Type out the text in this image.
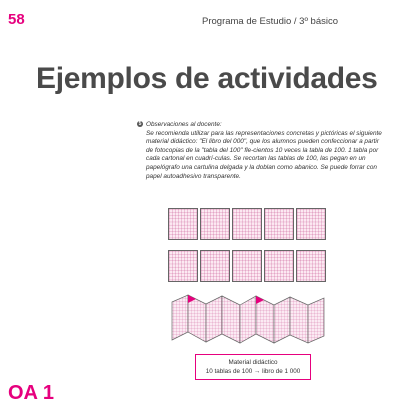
58	Programa de Estudio / 3º básico
Ejemplos de actividades
5 Observaciones al docente:

Se recomienda utilizar para las representaciones concretas y pictóricas el siguiente material didáctico: "El libro del 000", que los alumnos pueden confeccionar a partir de fotocopias de la "tabla del 100" fle-cientos 10 veces la tabla de 100. 1 tabla por cada cartonal en cuadrí-culas. Se recortan las tablas de 100, las pegan en un papelógrafo una cartulina delgada y la doblan como abanico. Se puede forrar con papel autoadhesivo transparente.

Material didáctico
10 tablas de 100 → libro de 1 000
OA 1
